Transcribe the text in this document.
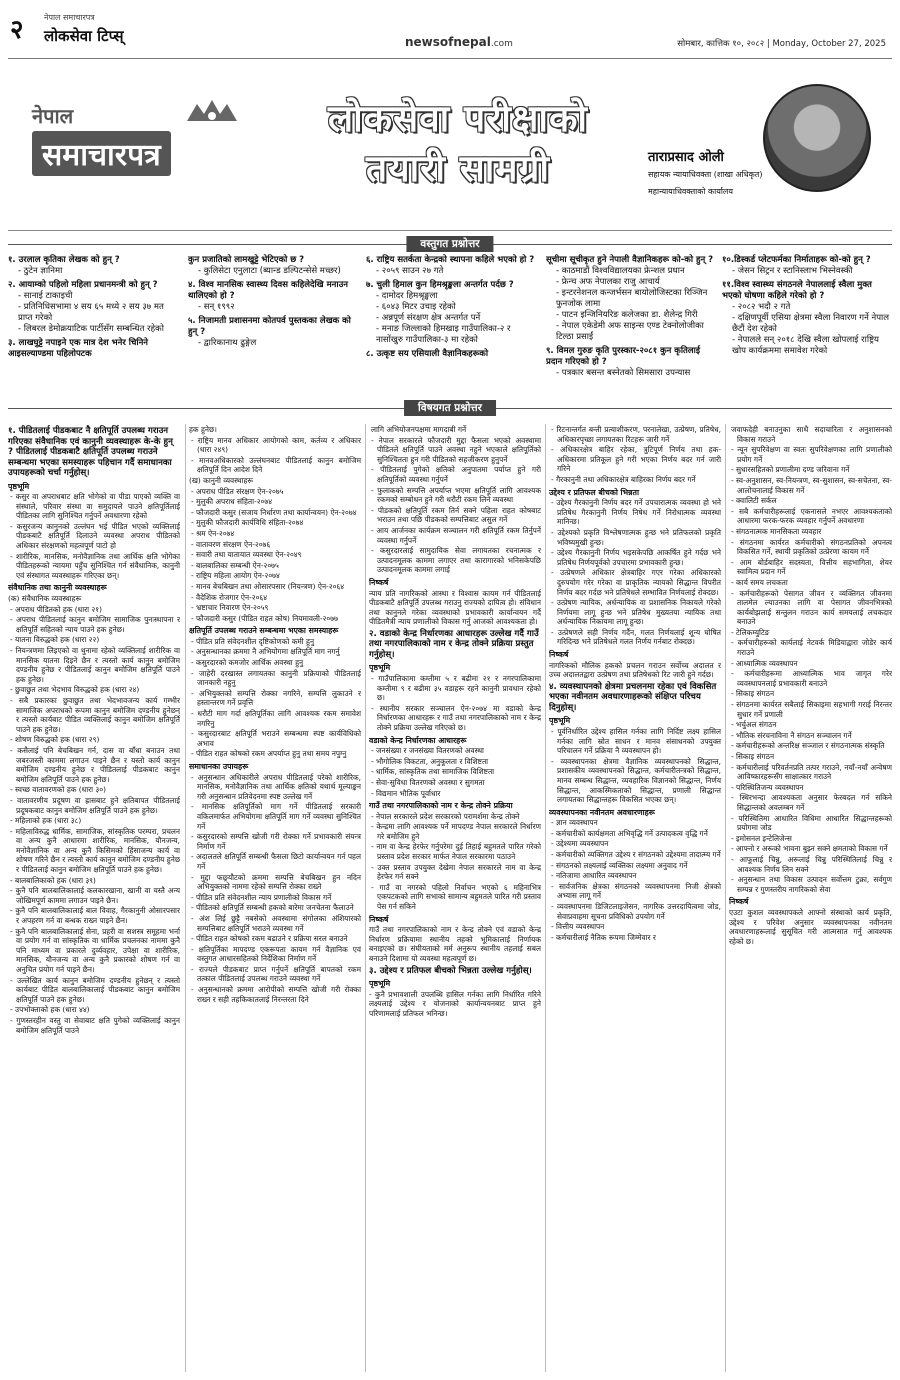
२	नेपाल समाचारपत्र
लोकसेवा टिप्स्	newsofnepal.com	सोमबार, कात्तिक १०, २०८२ | Monday, October 27, 2025
नेपाल
समाचारपत्र
लोकसेवा परीक्षाको
तयारी सामग्री	ताराप्रसाद ओली
सहायक न्यायाधिवक्ता (शाखा अधिकृत)
महान्यायाधिवक्ताको कार्यालय
वस्तुगत प्रश्नोत्तर
१. उरलाल कृतिका लेखक को हुन् ?
- ठुटेन ज्ञानिमा
२. आयाम्को पहिलो महिला प्रधानमन्त्री को हुन् ?
- सानाई टाकाइची
- प्रतिनिधिसभामा ४ सय ६५ मध्ये २ सय ३७ मत प्राप्त गरेको
- लिबरल डेमोक्रयाटिक पार्टीसँग सम्बन्धित रहेको
३. लाखघुट्टे नपाइने एक मात्र देश भनेर चिनिने आइसल्याण्डमा पहिलोपटक
कुन प्रजातिको लामखुट्टे भेटिएको छ ?
- कुलिसेटा एनुलाटा (ब्यान्ड डल्पिटन्सेसे मच्छर)
४. विश्व मानसिक स्वास्थ्य दिवस कहिलेदेखि मनाउन थालिएको हो ?
- सन् १९९२
५. निजामती प्रशासनमा कोतपर्व पुस्तकका लेखक को हुन् ?
- द्वारिकानाथ ढुङ्गेल
६. राष्ट्रिय सतर्कता केन्द्रको स्थापना कहिले भएको हो ?
- २०५९ साउन २७ गते
७. चुली हिमाल कुन हिमश्रृङ्खला अन्तर्गत पर्दछ ?
- दामोदर हिमश्रृङ्खला
- ६०४३ मिटर उचाइ रहेको
- अन्नपूर्ण संरक्षण क्षेत्र अन्तर्गत पर्ने
- मनाङ जिल्लाको हिमखाइ गाउँपालिका-२ र नासोंखुरु गाउँपालिका-३ मा रहेको
८. उत्कृष्ट सय एसियाली वैज्ञानिकहरूको
सूचीमा सूचीकृत हुने नेपाली वैज्ञानिकहरू को-को हुन् ?
- काठमाडौं विश्वविद्यालयका फ्रेन्शल प्रधान
- फ्रेन्च अफ नेपालका राजु आचार्य
- इन्टरनेशनल कन्जर्भसन बायोलोजिस्टका रिञ्जिन फुनजोक लामा
- पाटन इन्जिनियरिङ कलेजका डा. शैलेन्द्र गिरी
- नेपाल एकेडेमी अफ साइन्स एण्ड टेक्नोलोजीका टिल्ठा प्रसाईं
९. विमल गुरुङ कृति पुरस्कार-२०८१ कुन कृतिलाई प्रदान गरिएको हो ?
- पत्रकार बसन्त बस्नेतको सिमसारा उपन्यास
१०.डिस्कर्ड प्लेटफर्मका निर्माताहरू को-को हुन् ?
- जेसन सिट्रन र स्टानिस्लाभ भिस्नेवस्की
११.विश्व स्वास्थ्य संगठनले नेपाललाई स्वैला मुक्त भएको घोषणा कहिले गरेको हो ?
- २०८२ भदौ २ गते
- दक्षिणपूर्वी एसिया क्षेत्रमा स्वैला निवारण गर्ने नेपाल छैटौं देश रहेको
- नेपालले सन् २०१८ देखि स्वैला खोपलाई राष्ट्रिय खोप कार्यक्रममा समावेश गरेको
विषयगत प्रश्नोत्तर
१. पीडितलाई पीडकबाट नै क्षतिपूर्ति उपलब्ध गराउन गरिएका संवैधानिक एवं कानुनी व्यवस्थाहरू के-के हुन् ? पीडितलाई पीडकबाटै क्षतिपूर्ति उपलब्ध गराउने सम्बन्धमा भएका समस्याहरू पहिचान गर्दै समाधानका उपायहरूको चर्चा गर्नुहोस्।
पृष्ठभूमि
- कसुर वा अपराधबाट क्षति भोगेको वा पीडा पाएको व्यक्ति वा संस्थाले, परिवार संस्था वा समुदायले पाउने क्षतिपूर्तिलाई पीडितका लागि सुनिश्चित गर्नुपर्ने अवधारणा रहेको
- कसुरजन्य कानुनको उल्लंघन भई पीडित भएको व्यक्तिलाई पीडकबाटै क्षतिपूर्ति दिलाउने व्यवस्था अपराध पीडितको अधिकार संरक्षणको महत्वपूर्ण पाटो हो
- शारीरिक, मानसिक, मनोवैज्ञानिक तथा आर्थिक क्षति भोगेका पीडितहरूको न्यायमा पहुँच सुनिश्चित गर्न संवैधानिक, कानुनी एवं संस्थागत व्यवस्थाहरू गरिएका छन्।
संवैधानिक तथा कानुनी व्यवस्थाहरू
(क) संवैधानिक व्यवस्थाहरू
- अपराध पीडितको हक (धारा २१)
- अपराध पीडितलाई कानुन बमोजिम सामाजिक पुनःस्थापना र क्षतिपूर्ति सहितको न्याय पाउने हक हुनेछ।
- यातना विरुद्धको हक (धारा २२)
- नियन्त्रणमा लिइएको वा थुनामा रहेको व्यक्तिलाई शारीरिक वा मानसिक यातना दिइने छैन र त्यस्तो कार्य कानुन बमोजिम दण्डनीय हुनेछ र पीडितलाई कानुन बमोजिम क्षतिपूर्ति पाउने हक हुनेछ।
- छुवाछुत तथा भेदभाव विरुद्धको हक (धारा २४)
- सबै प्रकारका छुवाछुत तथा भेदभावजन्य कार्य गम्भीर सामाजिक अपराधको रूपमा कानुन बमोजिम दण्डनीय हुनेछन् र त्यस्तो कार्यबाट पीडित व्यक्तिलाई कानुन बमोजिम क्षतिपूर्ति पाउने हक हुनेछ।
- शोषण विरुद्धको हक (धारा २९)
- कसैलाई पनि बेचबिखन गर्न, दास वा बाँधा बनाउन तथा जबरजस्ती काममा लगाउन पाइने छैन र यस्तो कार्य कानुन बमोजिम दण्डनीय हुनेछ र पीडितलाई पीडकबाट कानुन बमोजिम क्षतिपूर्ति पाउने हक हुनेछ।
- स्वच्छ वातावरणको हक (धारा ३०)
- वातावरणीय प्रदूषण वा ह्रासबाट हुने क्षतिबापत पीडितलाई प्रदूषकबाट कानुन बमोजिम क्षतिपूर्ति पाउने हक हुनेछ।
- महिलाको हक (धारा ३८)
- महिलाविरुद्ध धार्मिक, सामाजिक, सांस्कृतिक परम्परा, प्रचलन वा अन्य कुनै आधारमा शारीरिक, मानसिक, यौनजन्य, मनोवैज्ञानिक वा अन्य कुनै किसिमको हिंसाजन्य कार्य वा शोषण गरिने छैन र त्यस्तो कार्य कानुन बमोजिम दण्डनीय हुनेछ र पीडितलाई कानुन बमोजिम क्षतिपूर्ति पाउने हक हुनेछ।
- बालबालिकाको हक (धारा ३९)
- कुनै पनि बालबालिकालाई कलकारखाना, खानी वा यस्तै अन्य जोखिमपूर्ण काममा लगाउन पाइने छैन।
- कुनै पनि बालबालिकालाई बाल विवाह, गैरकानुनी ओसारपसार र अपहरण गर्न वा बन्धक राख्न पाइने छैन।
- कुनै पनि बालबालिकालाई सेना, प्रहरी वा सशस्त्र समूहमा भर्ना वा प्रयोग गर्न वा सांस्कृतिक वा धार्मिक प्रचलनका नाममा कुनै पनि माध्यम वा प्रकारले दुर्व्यवहार, उपेक्षा वा शारीरिक, मानसिक, यौनजन्य वा अन्य कुनै प्रकारको शोषण गर्न वा अनुचित प्रयोग गर्न पाइने छैन।
- उल्लेखित कार्य कानुन बमोजिम दण्डनीय हुनेछन् र त्यस्तो कार्यबाट पीडित बालबालिकालाई पीडकबाट कानुन बमोजिम क्षतिपूर्ति पाउने हक हुनेछ।
- उपभोक्ताको हक (धारा ४४)
- गुणस्तरहीन वस्तु वा सेवाबाट क्षति पुगेको व्यक्तिलाई कानुन बमोजिम क्षतिपूर्ति पाउने
हक हुनेछ।
- राष्ट्रिय मानव अधिकार आयोगको काम, कर्तव्य र अधिकार (धारा २४९)
- मानवअधिकारको उल्लंघनबाट पीडितलाई कानुन बमोजिम क्षतिपूर्ति दिन आदेश दिने
(ख) कानुनी व्यवस्थाहरू
- अपराध पीडित संरक्षण ऐन-२०७५
- मुलुकी अपराध संहिता-२०७४
- फौजदारी कसुर (सजाय निर्धारण तथा कार्यान्वयन) ऐन-२०७४
- मुलुकी फौजदारी कार्यविधि संहिता-२०७४
- श्रम ऐन-२०७४
- वातावरण संरक्षण ऐन-२०७६
- सवारी तथा यातायात व्यवस्था ऐन-२०४९
- बालबालिका सम्बन्धी ऐन-२०७५
- राष्ट्रिय महिला आयोग ऐन-२०७४
- मानव बेचबिखन तथा ओसारपसार (नियन्त्रण) ऐन-२०६४
- वैदेशिक रोजगार ऐन-२०६४
- भ्रष्टाचार निवारण ऐन-२०५९
- फौजदारी कसुर (पीडित राहत कोष) नियमावली-२०७७
क्षतिपूर्ति उपलब्ध गराउने सम्बन्धमा भएका समस्याहरू
- पीडित प्रति संवेदनशील दृष्टिकोणको कमी हुनु
- अनुसन्धानका क्रममा नै अभियोगमा क्षतिपूर्ति माग नगर्नु
- कसुरदारको कमजोर आर्थिक अवस्था हुनु
- जाहेरी दरखास्त लगायतका कानुनी प्रक्रियाको पीडितलाई जानकारी नहुनु
- अभियुक्तको सम्पत्ति रोक्का नगरिने, सम्पत्ति लुकाउने र हस्तान्तरण गर्ने प्रवृत्ति
- धरौटी माग गर्दा क्षतिपूर्तिका लागि आवश्यक रकम समावेश नगरिनु
- कसुरदारबाट क्षतिपूर्ति भराउने सम्बन्धमा स्पष्ट कार्यविधिको अभाव
- पीडित राहत कोषको रकम अपर्याप्त हुनु तथा समय नपुग्नु
समाधानका उपायहरू
- अनुसन्धान अधिकारीले अपराध पीडितलाई परेको शारीरिक, मानसिक, मनोवैज्ञानिक तथा आर्थिक क्षतिको यथार्थ मूल्याङ्कन गरी अनुसन्धान प्रतिवेदनमा स्पष्ट उल्लेख गर्ने
- मानसिक क्षतिपूर्तिको माग गर्ने पीडितलाई सरकारी वकिलमार्फत अभियोगमा क्षतिपूर्ति माग गर्ने व्यवस्था सुनिश्चित गर्ने
- कसुरदारको सम्पत्ति खोजी गरी रोक्का गर्ने प्रभावकारी संयन्त्र निर्माण गर्ने
- अदालतले क्षतिपूर्ति सम्बन्धी फैसला छिटो कार्यान्वयन गर्न पहल गर्ने
- मुद्दा फछ्र्यौटको क्रममा सम्पत्ति बेचबिखन हुन नदिन अभियुक्तको नाममा रहेको सम्पत्ति रोक्का राख्ने
- पीडित प्रति संवेदनशील न्याय प्रणालीको विकास गर्ने
- पीडितको क्षतिपूर्ति सम्बन्धी हकको बारेमा जनचेतना फैलाउने
- अंश लिई छुट्टै नबसेको अवस्थामा संगोलका अंशियारको सम्पत्तिबाट क्षतिपूर्ति भराउने व्यवस्था गर्ने
- पीडित राहत कोषको रकम बढाउने र प्रक्रिया सरल बनाउने
- क्षतिपूर्तिका मापदण्ड एकरूपता कायम गर्न वैज्ञानिक एवं वस्तुगत आधारसहितको निर्देशिका निर्माण गर्ने
- राज्यले पीडकबाट प्राप्त गर्नुपर्ने क्षतिपूर्ति बापतको रकम तत्काल पीडितलाई उपलब्ध गराउने व्यवस्था गर्ने
- अनुसन्धानको क्रममा आरोपीको सम्पत्ति खोजी गरी रोक्का राख्न र सही तहकिकातलाई निरन्तरता दिने
लागि अभियोजनपक्षमा मागदाबी गर्ने
- नेपाल सरकारले फौजदारी मुद्दा फैसला भएको अवस्थामा पीडितले क्षतिपूर्ति पाउने अवस्था नहुने भएकाले क्षतिपूर्तिको सुनिश्चितता हुन गरी पीडितको सहजीकरण हुनुपर्ने
- पीडितलाई पुगेको क्षतिको अनुपातमा पर्याप्त हुने गरी क्षतिपूर्तिको व्यवस्था गर्नुपर्ने
- फुलाकको सम्पत्ति अपर्याप्त भएमा क्षतिपूर्ति लागि आवश्यक रकमको सम्बोधन हुने गरी धरौटी रकम लिने व्यवस्था
- पीडकको क्षतिपूर्ति रकम तिर्न सक्ने पहिला राहत कोषबाट भराउन तथा पछि पीडकको सम्पत्तिबाट असुल गर्ने
- आय आर्जनका कार्यक्रम सञ्चालन गरी क्षतिपूर्ति रकम तिर्नुपर्ने व्यवस्था गर्नुपर्ने
- कसुरदारलाई सामुदायिक सेवा लगायतका रचनात्मक र उत्पादनमूलक काममा लगाएर तथा कारागारको भनिसकेपछि उत्पादनमूलक काममा लगाई
निष्कर्ष
न्याय प्रति नागरिकको आस्था र विश्वास कायम गर्न पीडितलाई पीडकबाटै क्षतिपूर्ति उपलब्ध गराउनु राज्यको दायित्व हो। संविधान तथा कानुनले गरेका व्यवस्थाको प्रभावकारी कार्यान्वयन गर्दै पीडितमैत्री न्याय प्रणालीको विकास गर्नु आजको आवश्यकता हो।
२. वडाको केन्द्र निर्धारणका आधारहरू उल्लेख गर्दै गाउँ तथा नगरपालिकाको नाम र केन्द्र तोक्ने प्रक्रिया प्रस्तुत गर्नुहोस्।
पृष्ठभूमि
- गाउँपालिकामा कम्तीमा ५ र बढीमा २१ र नगरपालिकामा कम्तीमा ९ र बढीमा ३५ वडाहरू रहने कानुनी प्रावधान रहेको छ।
- स्थानीय सरकार सञ्चालन ऐन-२०७४ मा वडाको केन्द्र निर्धारणका आधारहरू र गाउँ तथा नगरपालिकाको नाम र केन्द्र तोक्ने प्रक्रिया उल्लेख गरिएको छ।
वडाको केन्द्र निर्धारणका आधारहरू
- जनसंख्या र जनसंख्या वितरणको अवस्था
- भौगोलिक विकटता, अनुकूलता र विशिष्टता
- धार्मिक, सांस्कृतिक तथा सामाजिक विशिष्टता
- सेवा-सुविधा वितरणको अवस्था र सुगमता
- विद्यमान भौतिक पूर्वाधार
गाउँ तथा नगरपालिकाको नाम र केन्द्र तोक्ने प्रक्रिया
- नेपाल सरकारले प्रदेश सरकारको परामर्शमा केन्द्र तोक्ने
- केन्द्रमा लागि आवश्यक पर्ने मापदण्ड नेपाल सरकारले निर्धारण गरे बमोजिम हुने
- नाम वा केन्द्र हेरफेर गर्नुपरेमा दुई तिहाई बहुमतले पारित गरेको प्रस्ताव प्रदेश सरकार मार्फत नेपाल सरकारमा पठाउने
- उक्त प्रस्ताव उपयुक्त देखेमा नेपाल सरकारले नाम वा केन्द्र हेरफेर गर्न सक्ने
- गाउँ वा नगरको पहिलो निर्वाचन भएको ६ महिनाभित्र एकपटकको लागि सभाको सामान्य बहुमतले पारित गरी प्रस्ताव पेस गर्न सकिने
निष्कर्ष
गाउँ तथा नगरपालिकाको नाम र केन्द्र तोक्ने एवं वडाको केन्द्र निर्धारण प्रक्रियामा स्थानीय तहको भूमिकालाई निर्णायक बनाइएको छ। संघीयताको मर्म अनुरूप स्थानीय तहलाई सबल बनाउने दिशामा यो व्यवस्था महत्वपूर्ण छ।
३. उद्देश्य र प्रतिफल बीचको भिन्नता उल्लेख गर्नुहोस्।
पृष्ठभूमि
- कुनै प्रभावशाली उपलब्धि हासिल गर्नका लागि निर्धारित गरिने लक्ष्यलाई उद्देश्य र योजनाको कार्यान्वयनबाट प्राप्त हुने परिणामलाई प्रतिफल भनिन्छ।
- रिटनान्तर्गत बन्ती प्रत्याशीकरण, परनालेखा, उत्प्रेषण, प्रतिषेध, अधिकारपृच्छा लगायतका रिटहरू जारी गर्ने
- अधिकारक्षेत्र बाहिर रहेका, त्रुटिपूर्ण निर्णय तथा हक-अधिकारमा प्रतिकूल हुने गरी भएका निर्णय बदर गर्न जारी गरिने
- गैरकानुनी तथा अधिकारक्षेत्र बाहिरका निर्णय बदर गर्ने
उद्देश्य र प्रतिफल बीचको भिन्नता
- उद्देश्य गैरकानुनी निर्णय बदर गर्ने उपचारात्मक व्यवस्था हो भने प्रतिषेध गैरकानुनी निर्णय निषेध गर्ने निरोधात्मक व्यवस्था मानिन्छ।
- उद्देश्यको प्रकृति विश्लेषणात्मक हुन्छ भने प्रतिफलको प्रकृति भविष्यमुखी हुन्छ।
- उद्देश्य गैरकानुनी निर्णय भइसकेपछि आकर्षित हुने गर्दछ भने प्रतिषेध निर्णयपूर्वको उपचारमा प्रभावकारी हुन्छ।
- उत्प्रेषणले अधिकार क्षेत्रबाहिर गएर गरेका अधिकारको दुरुपयोग गरेर गरेका वा प्राकृतिक न्यायको सिद्धान्त विपरीत निर्णय बदर गर्दछ भने प्रतिषेधले सम्भावित निर्णयलाई रोक्दछ।
- उत्प्रेषण न्यायिक, अर्धन्यायिक वा प्रशासनिक निकायले गरेको निर्णयमा लागू हुन्छ भने प्रतिषेध मुख्यतया न्यायिक तथा अर्धन्यायिक निकायमा लागू हुन्छ।
- उत्प्रेषणले सही निर्णय गर्दैन, गलत निर्णयलाई शून्य घोषित गरिदिन्छ भने प्रतिषेधले गलत निर्णय गर्नबाट रोक्दछ।
निष्कर्ष
नागरिकको मौलिक हकको प्रचलन गराउन सर्वोच्च अदालत र उच्च अदालतद्वारा उत्प्रेषण तथा प्रतिषेधको रिट जारी हुने गर्दछ।
४. व्यवस्थापनको क्षेत्रमा प्रचलनमा रहेका एवं विकसित भएका नवीनतम अवधारणाहरूको संक्षिप्त परिचय दिनुहोस्।
पृष्ठभूमि
- पूर्वनिर्धारित उद्देश्य हासिल गर्नका लागि निर्दिष्ट लक्ष्य हासिल गर्नका लागि स्रोत साधन र मानव संसाधनको उपयुक्त परिचालन गर्ने प्रक्रिया नै व्यवस्थापन हो।
- व्यवस्थापनका क्षेत्रमा वैज्ञानिक व्यवस्थापनको सिद्धान्त, प्रशासकीय व्यवस्थापनको सिद्धान्त, कर्मचारीतन्त्रको सिद्धान्त, मानव सम्बन्ध सिद्धान्त, व्यवहारिक विज्ञानको सिद्धान्त, निर्णय सिद्धान्त, आकस्मिकताको सिद्धान्त, प्रणाली सिद्धान्त लगायतका सिद्धान्तहरू विकसित भएका छन्।
व्यवस्थापनका नवीनतम अवधारणाहरू
- ज्ञान व्यवस्थापन
- कर्मचारीको कार्यक्षमता अभिवृद्धि गर्ने उत्पादकत्व वृद्धि गर्ने
- उद्देश्यमा व्यवस्थापन
- कर्मचारीको व्यक्तिगत उद्देश्य र संगठनको उद्देश्यमा तादात्म्य गर्ने
- संगठनको लक्ष्यलाई व्यक्तिका लक्ष्यमा अनुवाद गर्ने
- नतिजामा आधारित व्यवस्थापन
- सार्वजनिक क्षेत्रका संगठनको व्यवस्थापनमा निजी क्षेत्रको अभ्यास लागू गर्ने
- व्यवस्थापनमा डिजिटलाइजेसन, नागरिक उत्तरदायित्वमा जोड, सेवाप्रवाहमा सूचना प्रविधिको उपयोग गर्ने
- वित्तीय व्यवस्थापन
- कर्मचारीलाई नैतिक रूपमा जिम्मेवार र
जवाफदेही बनाउनुका साथै सदाचारिता र अनुशासनको विकास गराउने
- न्यून सुपरिवेक्षण वा स्वतः सुपरिवेक्षणका लागि प्रणालीको प्रयोग गर्ने
- सुधारसहितको प्रणालीमा दण्ड जरिवाना गर्ने
- स्व-अनुशासन, स्व-नियन्त्रण, स्व-सुशासन, स्व-सचेतना, स्व-आलोचनालाई विकास गर्ने
- क्वालिटी सर्कल
- सबै कर्मचारीहरूलाई एकनासले नभएर आवश्यकताको आधारमा फरक-फरक व्यवहार गर्नुपर्ने अवधारणा
- संगठनात्मक मानसिकता व्यवहार
- संगठनमा कार्यरत कर्मचारीको संगठनप्रतिको अपनत्व विकसित गर्ने, स्थायी प्रकृतिको उत्प्रेरणा कायम गर्ने
- आम बोर्डबाहिर सदस्यता, वित्तीय सहभागिता, शेयर स्वामित्व प्रदान गर्ने
- कार्य समय लचकता
- कर्मचारीहरूको पेसागत जीवन र व्यक्तिगत जीवनमा तालमेल ल्याउनका लागि वा पेसागत जीवनभित्रको कार्यबोझलाई सन्तुलन गराउन कार्य समयलाई लचकदार बनाउने
- टेलिकम्युटिङ
- कर्मचारीहरूको कार्यलाई नेटवर्क मिडियाद्वारा जोडेर कार्य गराउने
- आध्यात्मिक व्यवस्थापन
- कर्मचारीहरूमा आध्यात्मिक भाव जागृत गरेर व्यवस्थापनलाई प्रभावकारी बनाउने
- सिकाइ संगठन
- संगठनमा कार्यरत सबैलाई सिकाइमा सहभागी गराई निरन्तर सुधार गर्ने प्रणाली
- भर्चुअल संगठन
- भौतिक संरचनाविना नै संगठन सञ्चालन गर्ने
- कर्मचारीहरूको अन्तरिक्ष सञ्जाल र संगठनात्मक संस्कृति
- सिकाइ संगठन
- कर्मचारीलाई परिवर्तनप्रति तत्पर गराउने, नयाँ-नयाँ अन्वेषण आविष्कारहरूसँग साक्षात्कार गराउने
- परिस्थितिजन्य व्यवस्थापन
- स्थिरभन्दा आवश्यकता अनुसार फेरबदल गर्न सकिने सिद्धान्तको अवलम्बन गर्ने
- परिस्थितिमा आधारित विधिमा आधारित सिद्धान्तहरूको प्रयोगमा जोड
- इमोसनल इन्टेलिजेन्स
- आफ्नो र अरूको भावना बुझ्न सक्ने क्षमताको विकास गर्ने
- आफूलाई चिन्नु, अरूलाई चिन्नु परिस्थितिलाई चिन्नु र आवश्यक निर्णय लिन सक्ने
- अनुसन्धान तथा विकास उत्पादन सर्वोत्तम टुक्रा, सर्वगुण सम्पन्न र गुणस्तरीय नागरिकको सेवा
निष्कर्ष
एउटा कुशल व्यवस्थापकले आफ्नो संस्थाको कार्य प्रकृति, उद्देश्य र परिवेश अनुसार व्यवस्थापनका नवीनतम अवधारणाहरूलाई सुसूचित गरी आत्मसात गर्नु आवश्यक रहेको छ।
